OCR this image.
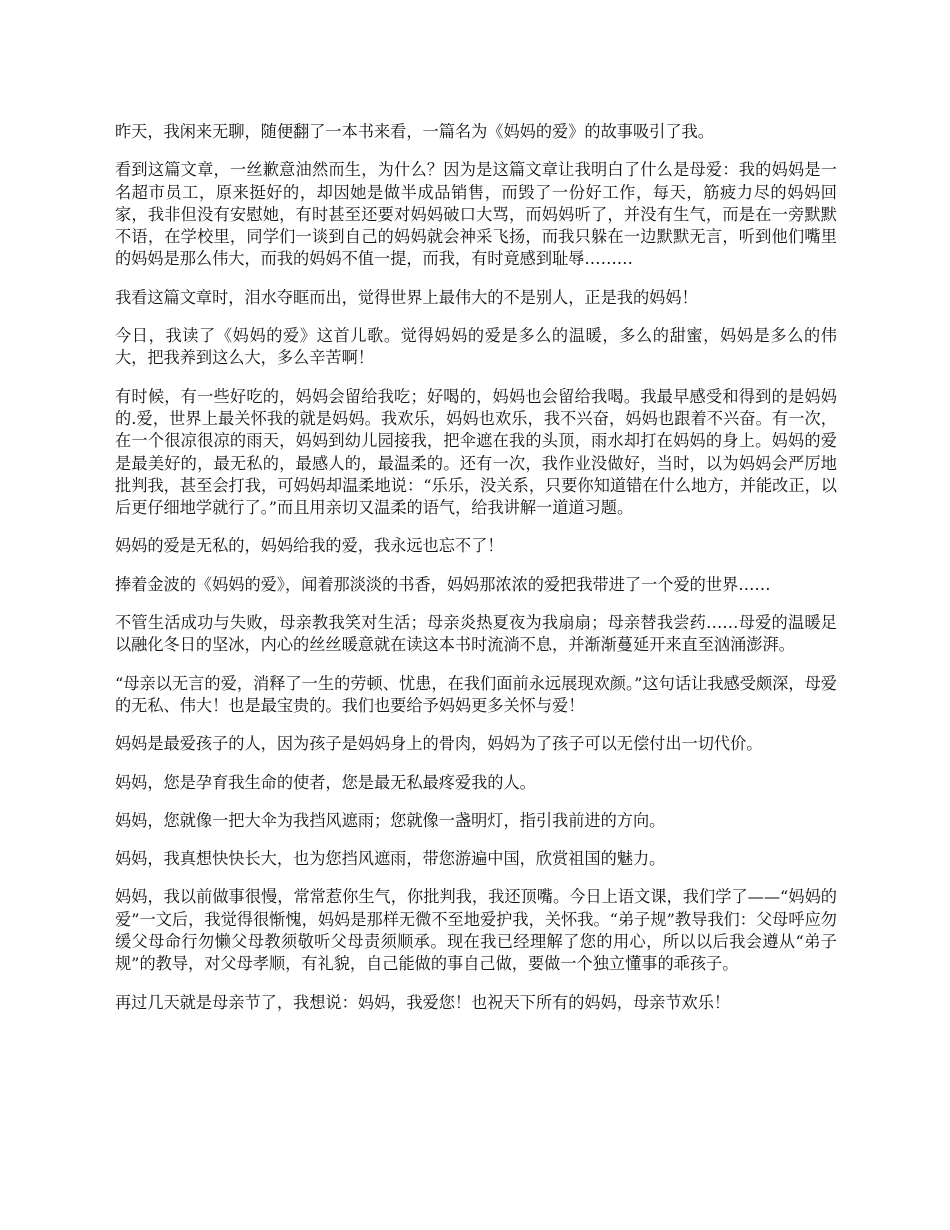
昨天，我闲来无聊，随便翻了一本书来看，一篇名为《妈妈的爱》的故事吸引了我。

看到这篇文章，一丝歉意油然而生，为什么？因为是这篇文章让我明白了什么是母爱：我的妈妈是一名超市员工，原来挺好的，却因她是做半成品销售，而毁了一份好工作，每天，筋疲力尽的妈妈回家，我非但没有安慰她，有时甚至还要对妈妈破口大骂，而妈妈听了，并没有生气，而是在一旁默默不语，在学校里，同学们一谈到自己的妈妈就会神采飞扬，而我只躲在一边默默无言，听到他们嘴里的妈妈是那么伟大，而我的妈妈不值一提，而我，有时竟感到耻辱………

我看这篇文章时，泪水夺眶而出，觉得世界上最伟大的不是别人，正是我的妈妈！

今日，我读了《妈妈的爱》这首儿歌。觉得妈妈的爱是多么的温暖，多么的甜蜜，妈妈是多么的伟大，把我养到这么大，多么辛苦啊！

有时候，有一些好吃的，妈妈会留给我吃；好喝的，妈妈也会留给我喝。我最早感受和得到的是妈妈的.爱，世界上最关怀我的就是妈妈。我欢乐，妈妈也欢乐，我不兴奋，妈妈也跟着不兴奋。有一次，在一个很凉很凉的雨天，妈妈到幼儿园接我，把伞遮在我的头顶，雨水却打在妈妈的身上。妈妈的爱是最美好的，最无私的，最感人的，最温柔的。还有一次，我作业没做好，当时，以为妈妈会严厉地批判我，甚至会打我，可妈妈却温柔地说：“乐乐，没关系，只要你知道错在什么地方，并能改正，以后更仔细地学就行了。”而且用亲切又温柔的语气，给我讲解一道道习题。

妈妈的爱是无私的，妈妈给我的爱，我永远也忘不了！

捧着金波的《妈妈的爱》，闻着那淡淡的书香，妈妈那浓浓的爱把我带进了一个爱的世界……

不管生活成功与失败，母亲教我笑对生活；母亲炎热夏夜为我扇扇；母亲替我尝药……母爱的温暖足以融化冬日的坚冰，内心的丝丝暖意就在读这本书时流淌不息，并渐渐蔓延开来直至汹涌澎湃。

“母亲以无言的爱，消释了一生的劳顿、忧患，在我们面前永远展现欢颜。”这句话让我感受颇深，母爱的无私、伟大！也是最宝贵的。我们也要给予妈妈更多关怀与爱！

妈妈是最爱孩子的人，因为孩子是妈妈身上的骨肉，妈妈为了孩子可以无偿付出一切代价。

妈妈，您是孕育我生命的使者，您是最无私最疼爱我的人。

妈妈，您就像一把大伞为我挡风遮雨；您就像一盏明灯，指引我前进的方向。

妈妈，我真想快快长大，也为您挡风遮雨，带您游遍中国，欣赏祖国的魅力。

妈妈，我以前做事很慢，常常惹你生气，你批判我，我还顶嘴。今日上语文课，我们学了——“妈妈的爱”一文后，我觉得很惭愧，妈妈是那样无微不至地爱护我，关怀我。“弟子规”教导我们：父母呼应勿缓父母命行勿懒父母教须敬听父母责须顺承。现在我已经理解了您的用心，所以以后我会遵从“弟子规”的教导，对父母孝顺，有礼貌，自己能做的事自己做，要做一个独立懂事的乖孩子。

再过几天就是母亲节了，我想说：妈妈，我爱您！也祝天下所有的妈妈，母亲节欢乐！
